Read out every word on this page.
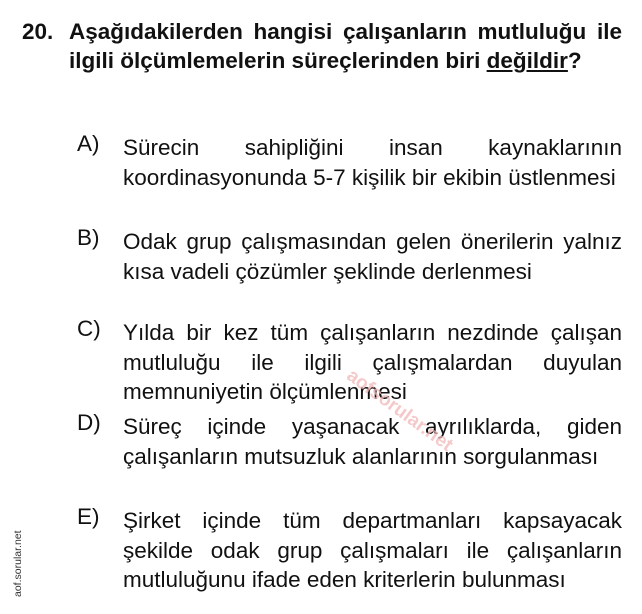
20. Aşağıdakilerden hangisi çalışanların mutluluğu ile ilgili ölçümlemelerin süreçlerinden biri değildir?
A) Sürecin sahipliğini insan kaynaklarının koordinasyonunda 5-7 kişilik bir ekibin üstlenmesi
B) Odak grup çalışmasından gelen önerilerin yalnız kısa vadeli çözümler şeklinde derlenmesi
C) Yılda bir kez tüm çalışanların nezdinde çalışan mutluluğu ile ilgili çalışmalardan duyulan memnuniyetin ölçümlenmesi
D) Süreç içinde yaşanacak ayrılıklarda, giden çalışanların mutsuzluk alanlarının sorgulanması
E) Şirket içinde tüm departmanları kapsayacak şekilde odak grup çalışmaları ile çalışanların mutluluğunu ifade eden kriterlerin bulunması
aofsorular.net
aof.sorular.net
